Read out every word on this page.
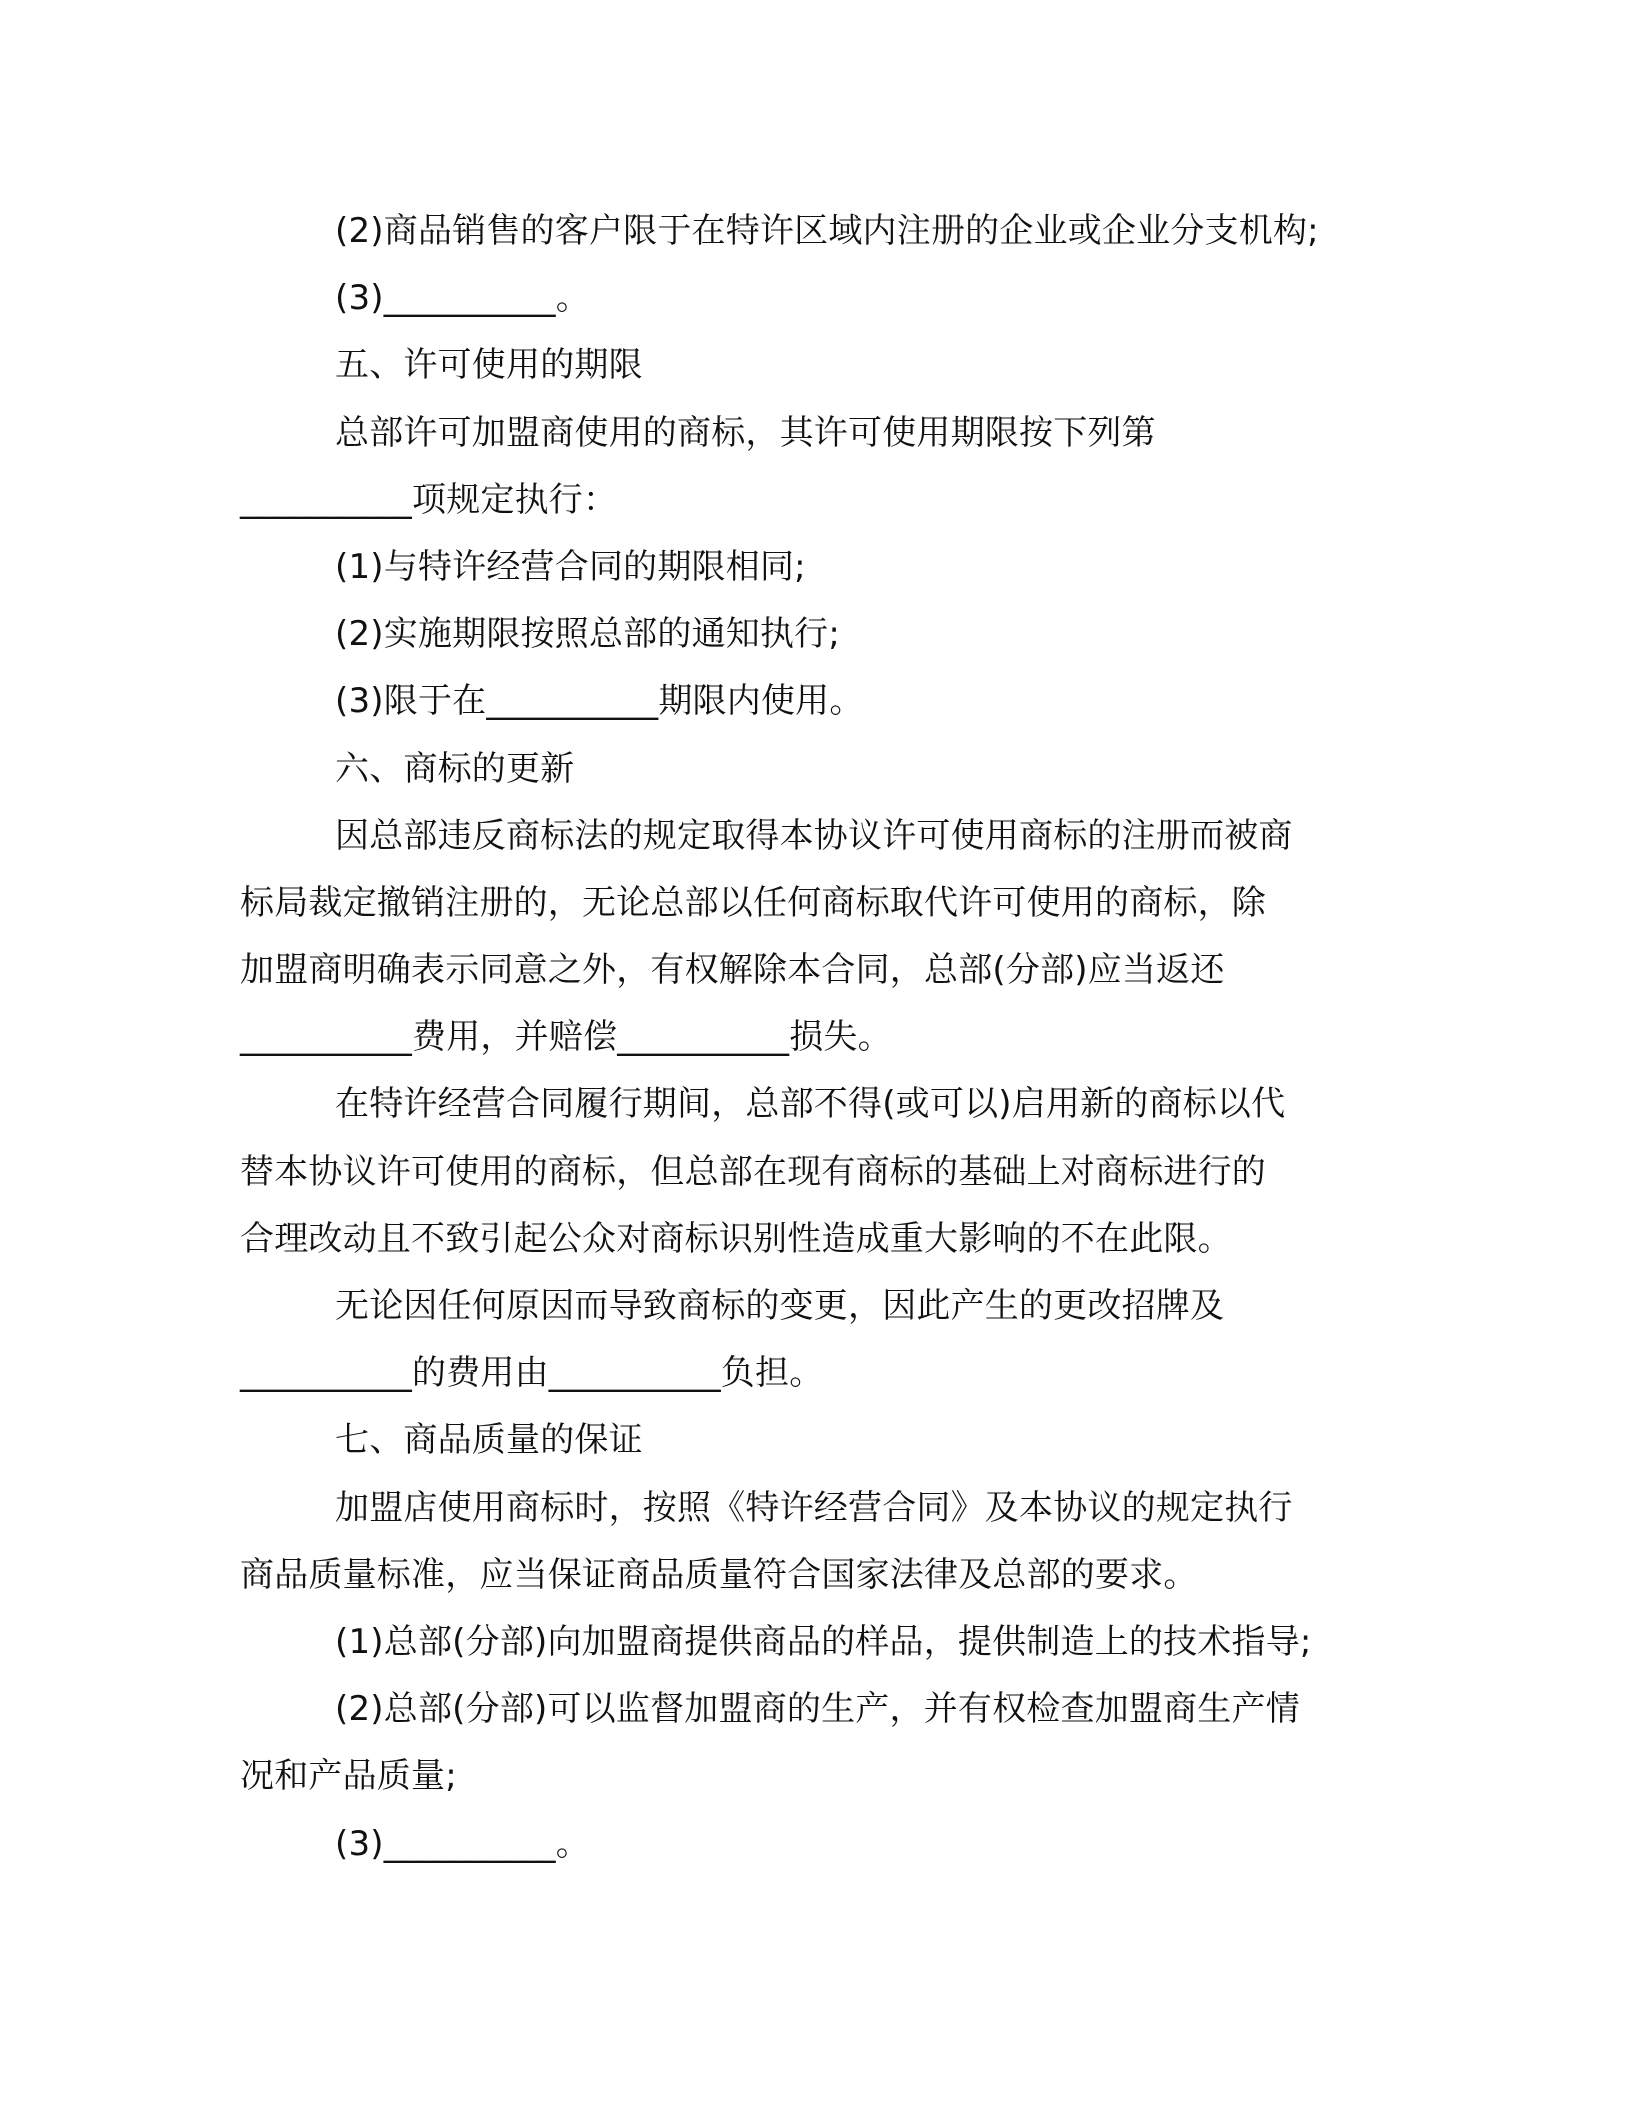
(2)商品销售的客户限于在特许区域内注册的企业或企业分支机构;
(3)__________。
五、许可使用的期限
总部许可加盟商使用的商标，其许可使用期限按下列第
__________项规定执行：
(1)与特许经营合同的期限相同;
(2)实施期限按照总部的通知执行;
(3)限于在__________期限内使用。
六、商标的更新
因总部违反商标法的规定取得本协议许可使用商标的注册而被商
标局裁定撤销注册的，无论总部以任何商标取代许可使用的商标，除
加盟商明确表示同意之外，有权解除本合同，总部(分部)应当返还
__________费用，并赔偿__________损失。
在特许经营合同履行期间，总部不得(或可以)启用新的商标以代
替本协议许可使用的商标，但总部在现有商标的基础上对商标进行的
合理改动且不致引起公众对商标识别性造成重大影响的不在此限。
无论因任何原因而导致商标的变更，因此产生的更改招牌及
__________的费用由__________负担。
七、商品质量的保证
加盟店使用商标时，按照《特许经营合同》及本协议的规定执行
商品质量标准，应当保证商品质量符合国家法律及总部的要求。
(1)总部(分部)向加盟商提供商品的样品，提供制造上的技术指导;
(2)总部(分部)可以监督加盟商的生产，并有权检查加盟商生产情
况和产品质量;
(3)__________。
